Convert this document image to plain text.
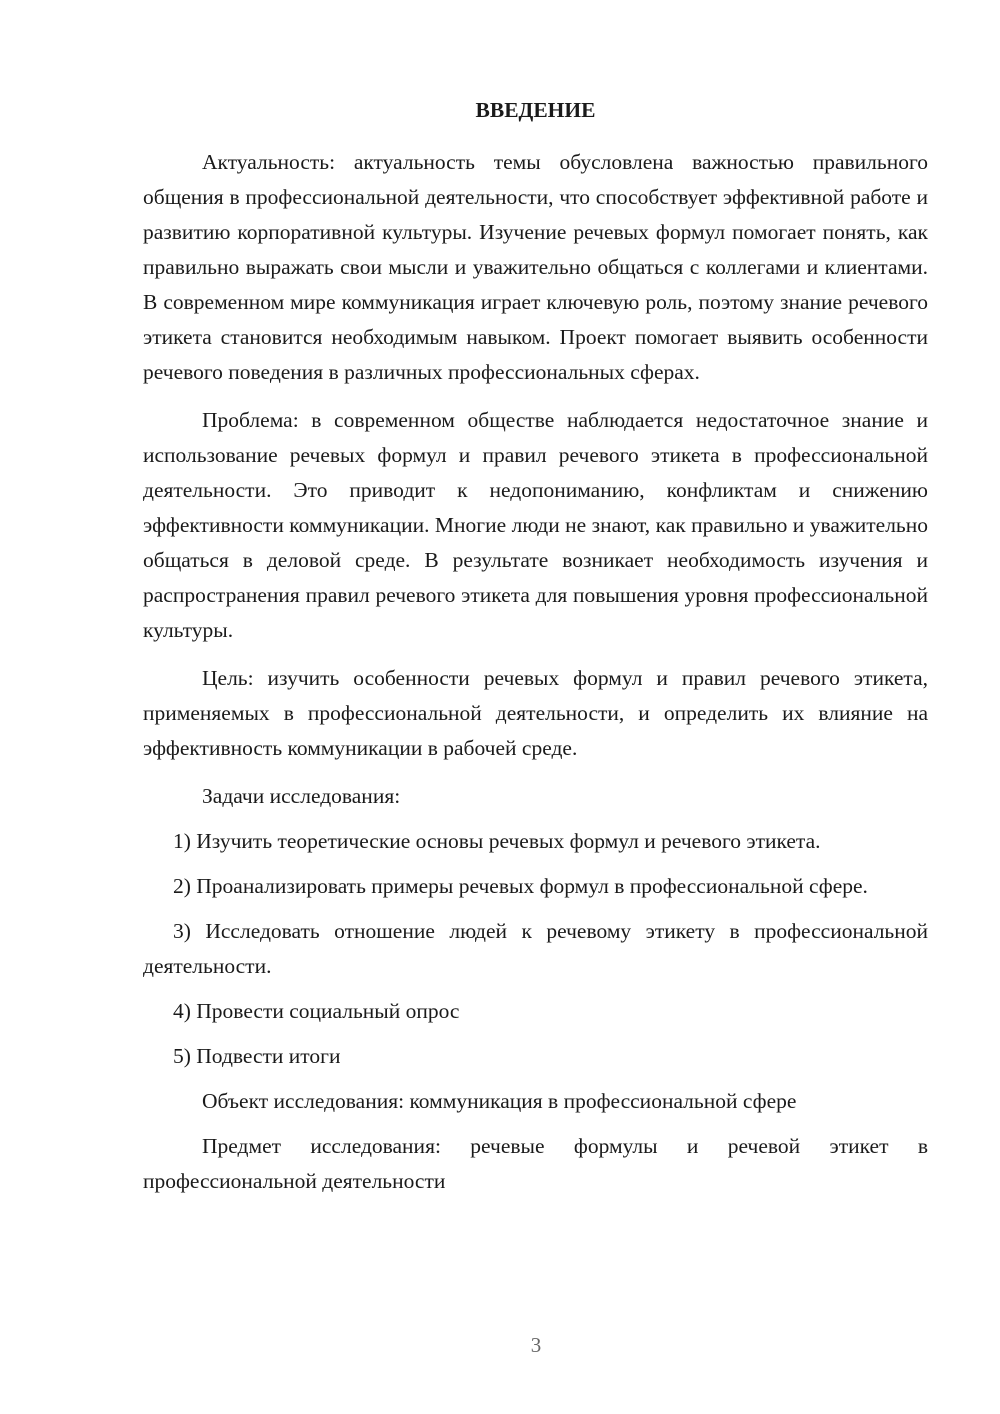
ВВЕДЕНИЕ

Актуальность: актуальность темы обусловлена важностью правильного общения в профессиональной деятельности, что способствует эффективной работе и развитию корпоративной культуры. Изучение речевых формул помогает понять, как правильно выражать свои мысли и уважительно общаться с коллегами и клиентами. В современном мире коммуникация играет ключевую роль, поэтому знание речевого этикета становится необходимым навыком. Проект помогает выявить особенности речевого поведения в различных профессиональных сферах.

Проблема: в современном обществе наблюдается недостаточное знание и использование речевых формул и правил речевого этикета в профессиональной деятельности. Это приводит к недопониманию, конфликтам и снижению эффективности коммуникации. Многие люди не знают, как правильно и уважительно общаться в деловой среде. В результате возникает необходимость изучения и распространения правил речевого этикета для повышения уровня профессиональной культуры.

Цель: изучить особенности речевых формул и правил речевого этикета, применяемых в профессиональной деятельности, и определить их влияние на эффективность коммуникации в рабочей среде.

Задачи исследования:

1) Изучить теоретические основы речевых формул и речевого этикета.

2) Проанализировать примеры речевых формул в профессиональной сфере.

3) Исследовать отношение людей к речевому этикету в профессиональной деятельности.

4) Провести социальный опрос

5) Подвести итоги

Объект исследования: коммуникация в профессиональной сфере

Предмет исследования: речевые формулы и речевой этикет в профессиональной деятельности

3
